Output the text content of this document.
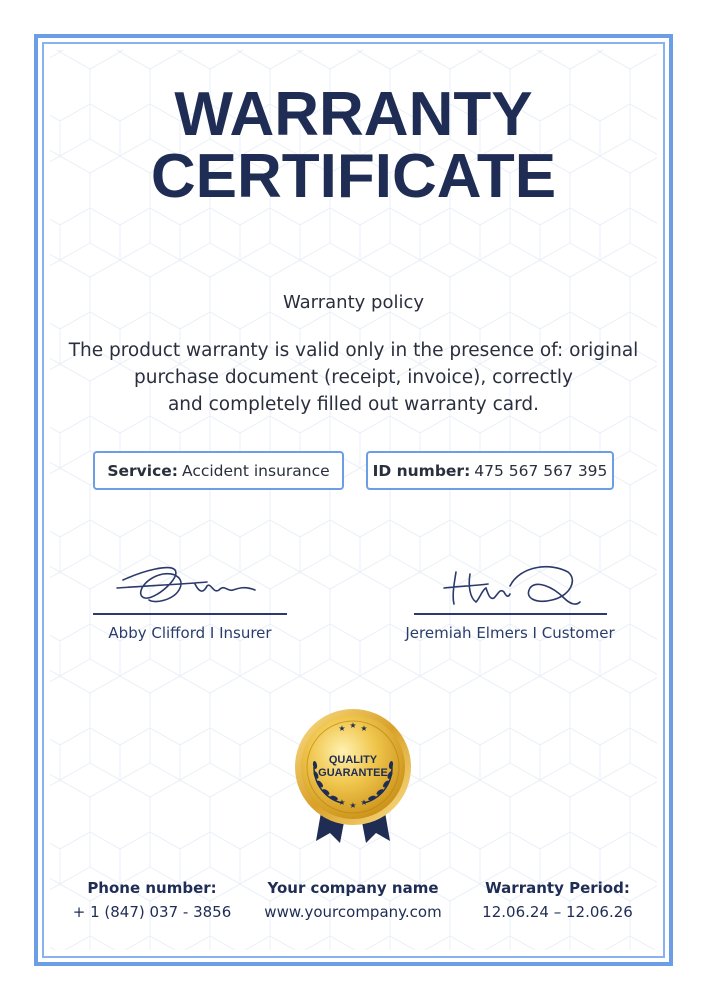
WARRANTY
CERTIFICATE
Warranty policy
The product warranty is valid only in the presence of: original
purchase document (receipt, invoice), correctly
and completely filled out warranty card.
Service: Accident insurance	ID number: 475 567 567 395
Abby Clifford I Insurer	Jeremiah Elmers I Customer
★ ★ ★
★ ★ ★
QUALITY
GUARANTEE
Phone number:
+ 1 (847) 037 - 3856
Your company name
www.yourcompany.com
Warranty Period:
12.06.24 – 12.06.26
